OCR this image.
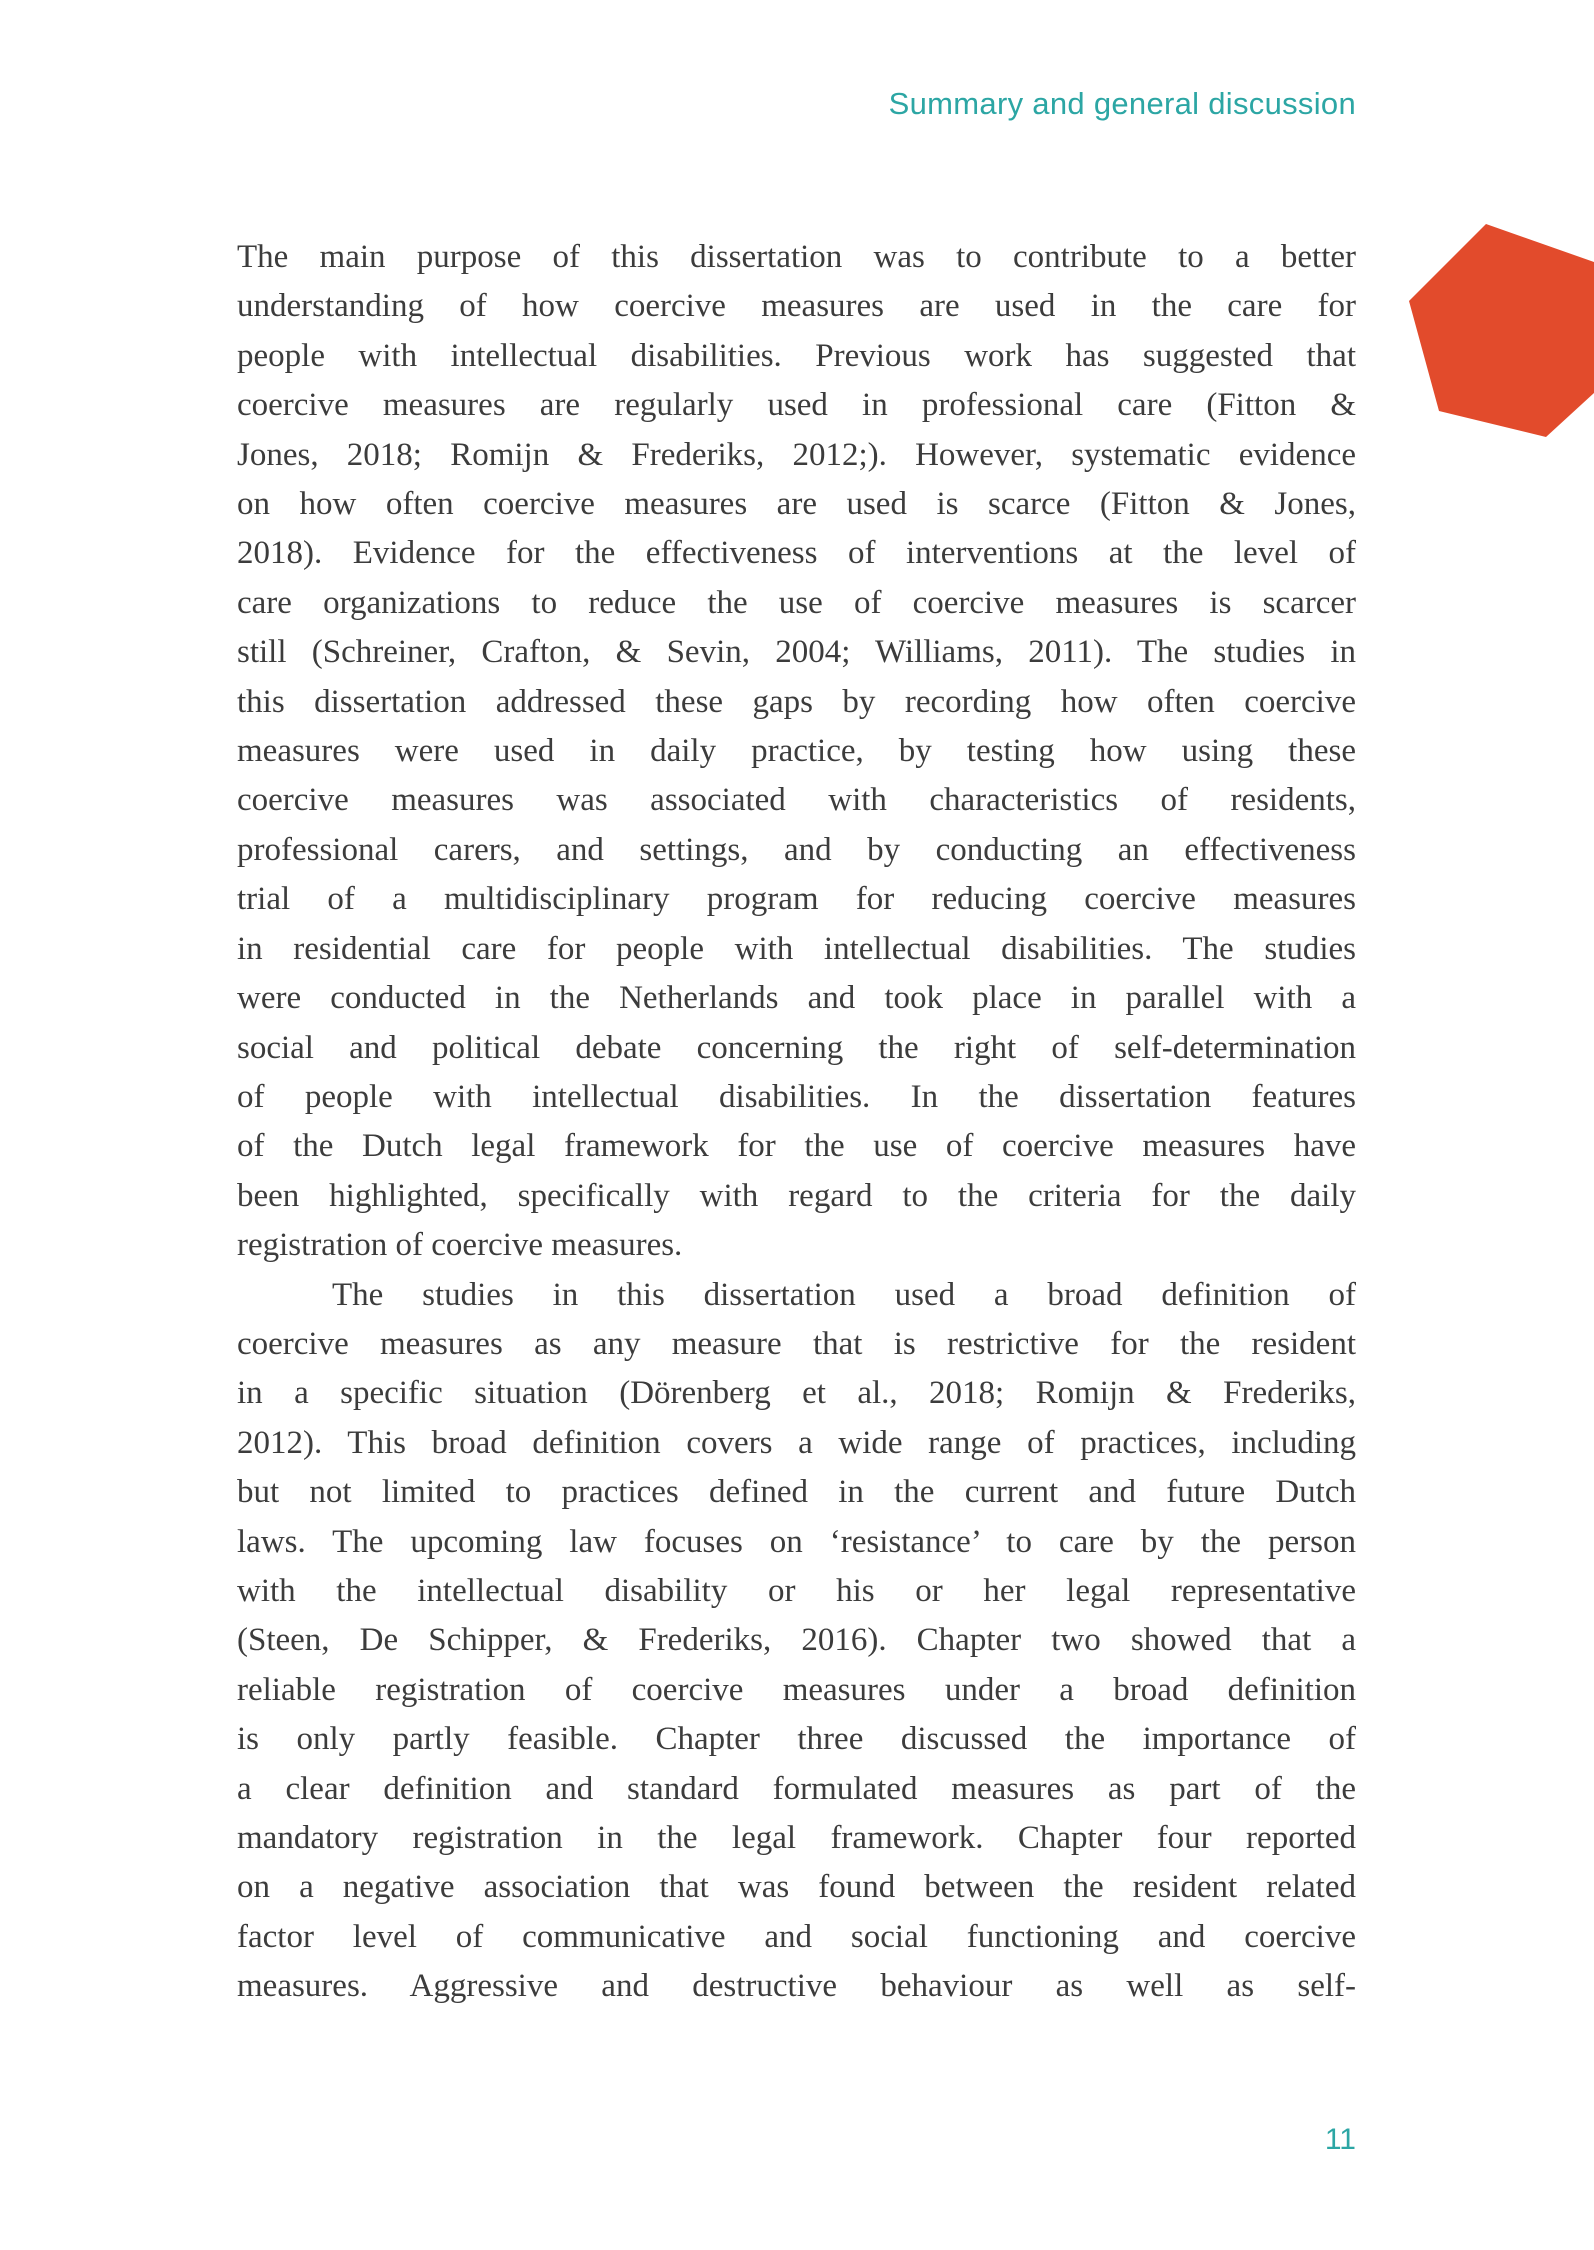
Summary and general discussion
The main purpose of this dissertation was to contribute to a better
understanding of how coercive measures are used in the care for
people with intellectual disabilities. Previous work has suggested that
coercive measures are regularly used in professional care (Fitton &
Jones, 2018; Romijn & Frederiks, 2012;). However, systematic evidence
on how often coercive measures are used is scarce (Fitton & Jones,
2018). Evidence for the effectiveness of interventions at the level of
care organizations to reduce the use of coercive measures is scarcer
still (Schreiner, Crafton, & Sevin, 2004; Williams, 2011). The studies in
this dissertation addressed these gaps by recording how often coercive
measures were used in daily practice, by testing how using these
coercive measures was associated with characteristics of residents,
professional carers, and settings, and by conducting an effectiveness
trial of a multidisciplinary program for reducing coercive measures
in residential care for people with intellectual disabilities. The studies
were conducted in the Netherlands and took place in parallel with a
social and political debate concerning the right of self-determination
of people with intellectual disabilities. In the dissertation features
of the Dutch legal framework for the use of coercive measures have
been highlighted, specifically with regard to the criteria for the daily
registration of coercive measures.
The studies in this dissertation used a broad definition of
coercive measures as any measure that is restrictive for the resident
in a specific situation (Dörenberg et al., 2018; Romijn & Frederiks,
2012). This broad definition covers a wide range of practices, including
but not limited to practices defined in the current and future Dutch
laws. The upcoming law focuses on ‘resistance’ to care by the person
with the intellectual disability or his or her legal representative
(Steen, De Schipper, & Frederiks, 2016). Chapter two showed that a
reliable registration of coercive measures under a broad definition
is only partly feasible. Chapter three discussed the importance of
a clear definition and standard formulated measures as part of the
mandatory registration in the legal framework. Chapter four reported
on a negative association that was found between the resident related
factor level of communicative and social functioning and coercive
measures. Aggressive and destructive behaviour as well as self-
11
